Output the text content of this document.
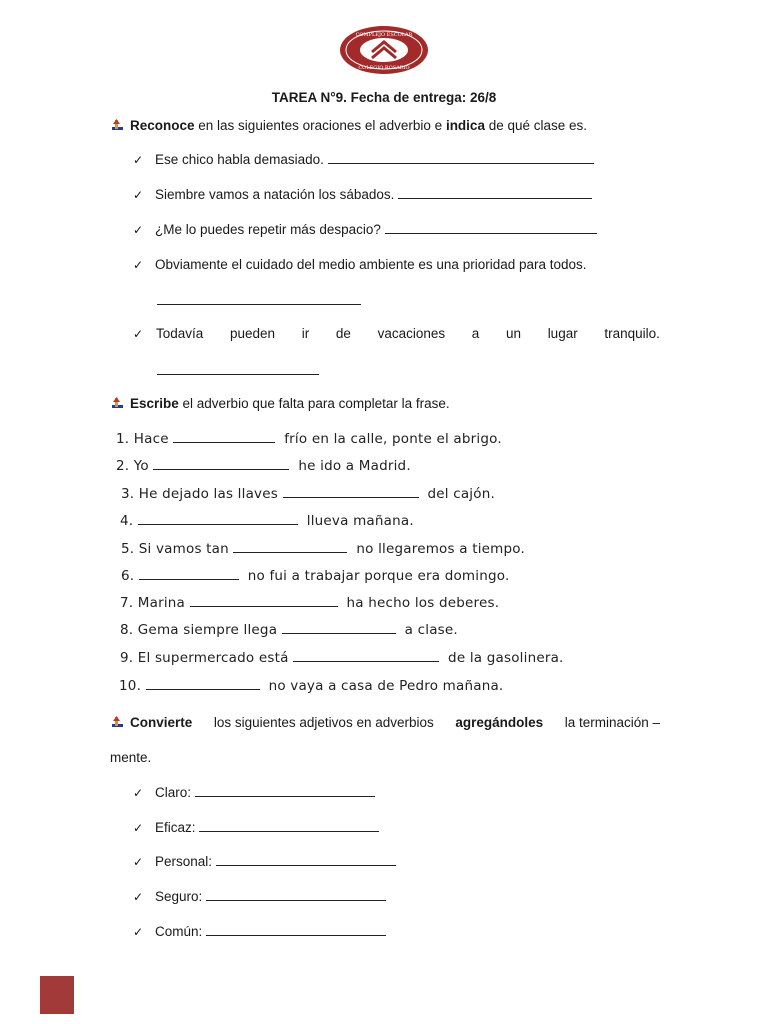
COMPLEJO ESCOLAR
COLEGIO ROSARIO
TAREA N°9. Fecha de entrega: 26/8
Reconoce en las siguientes oraciones el adverbio e indica de qué clase es.
✓ Ese chico habla demasiado.
✓ Siembre vamos a natación los sábados.
✓ ¿Me lo puedes repetir más despacio?
✓ Obviamente el cuidado del medio ambiente es una prioridad para todos.
✓ Todavía pueden ir de vacaciones a un lugar tranquilo.
Escribe el adverbio que falta para completar la frase.
1. Hace	frío en la calle, ponte el abrigo.
2. Yo	he ido a Madrid.
3. He dejado las llaves	del cajón.
4.	llueva mañana.
5. Si vamos tan	no llegaremos a tiempo.
6.	no fui a trabajar porque era domingo.
7. Marina	ha hecho los deberes.
8. Gema siempre llega	a clase.
9. El supermercado está	de la gasolinera.
10.	no vaya a casa de Pedro mañana.
Convierte los siguientes adjetivos en adverbios agregándoles la terminación –
mente.
✓ Claro:
✓ Eficaz:
✓ Personal:
✓ Seguro:
✓ Común:
